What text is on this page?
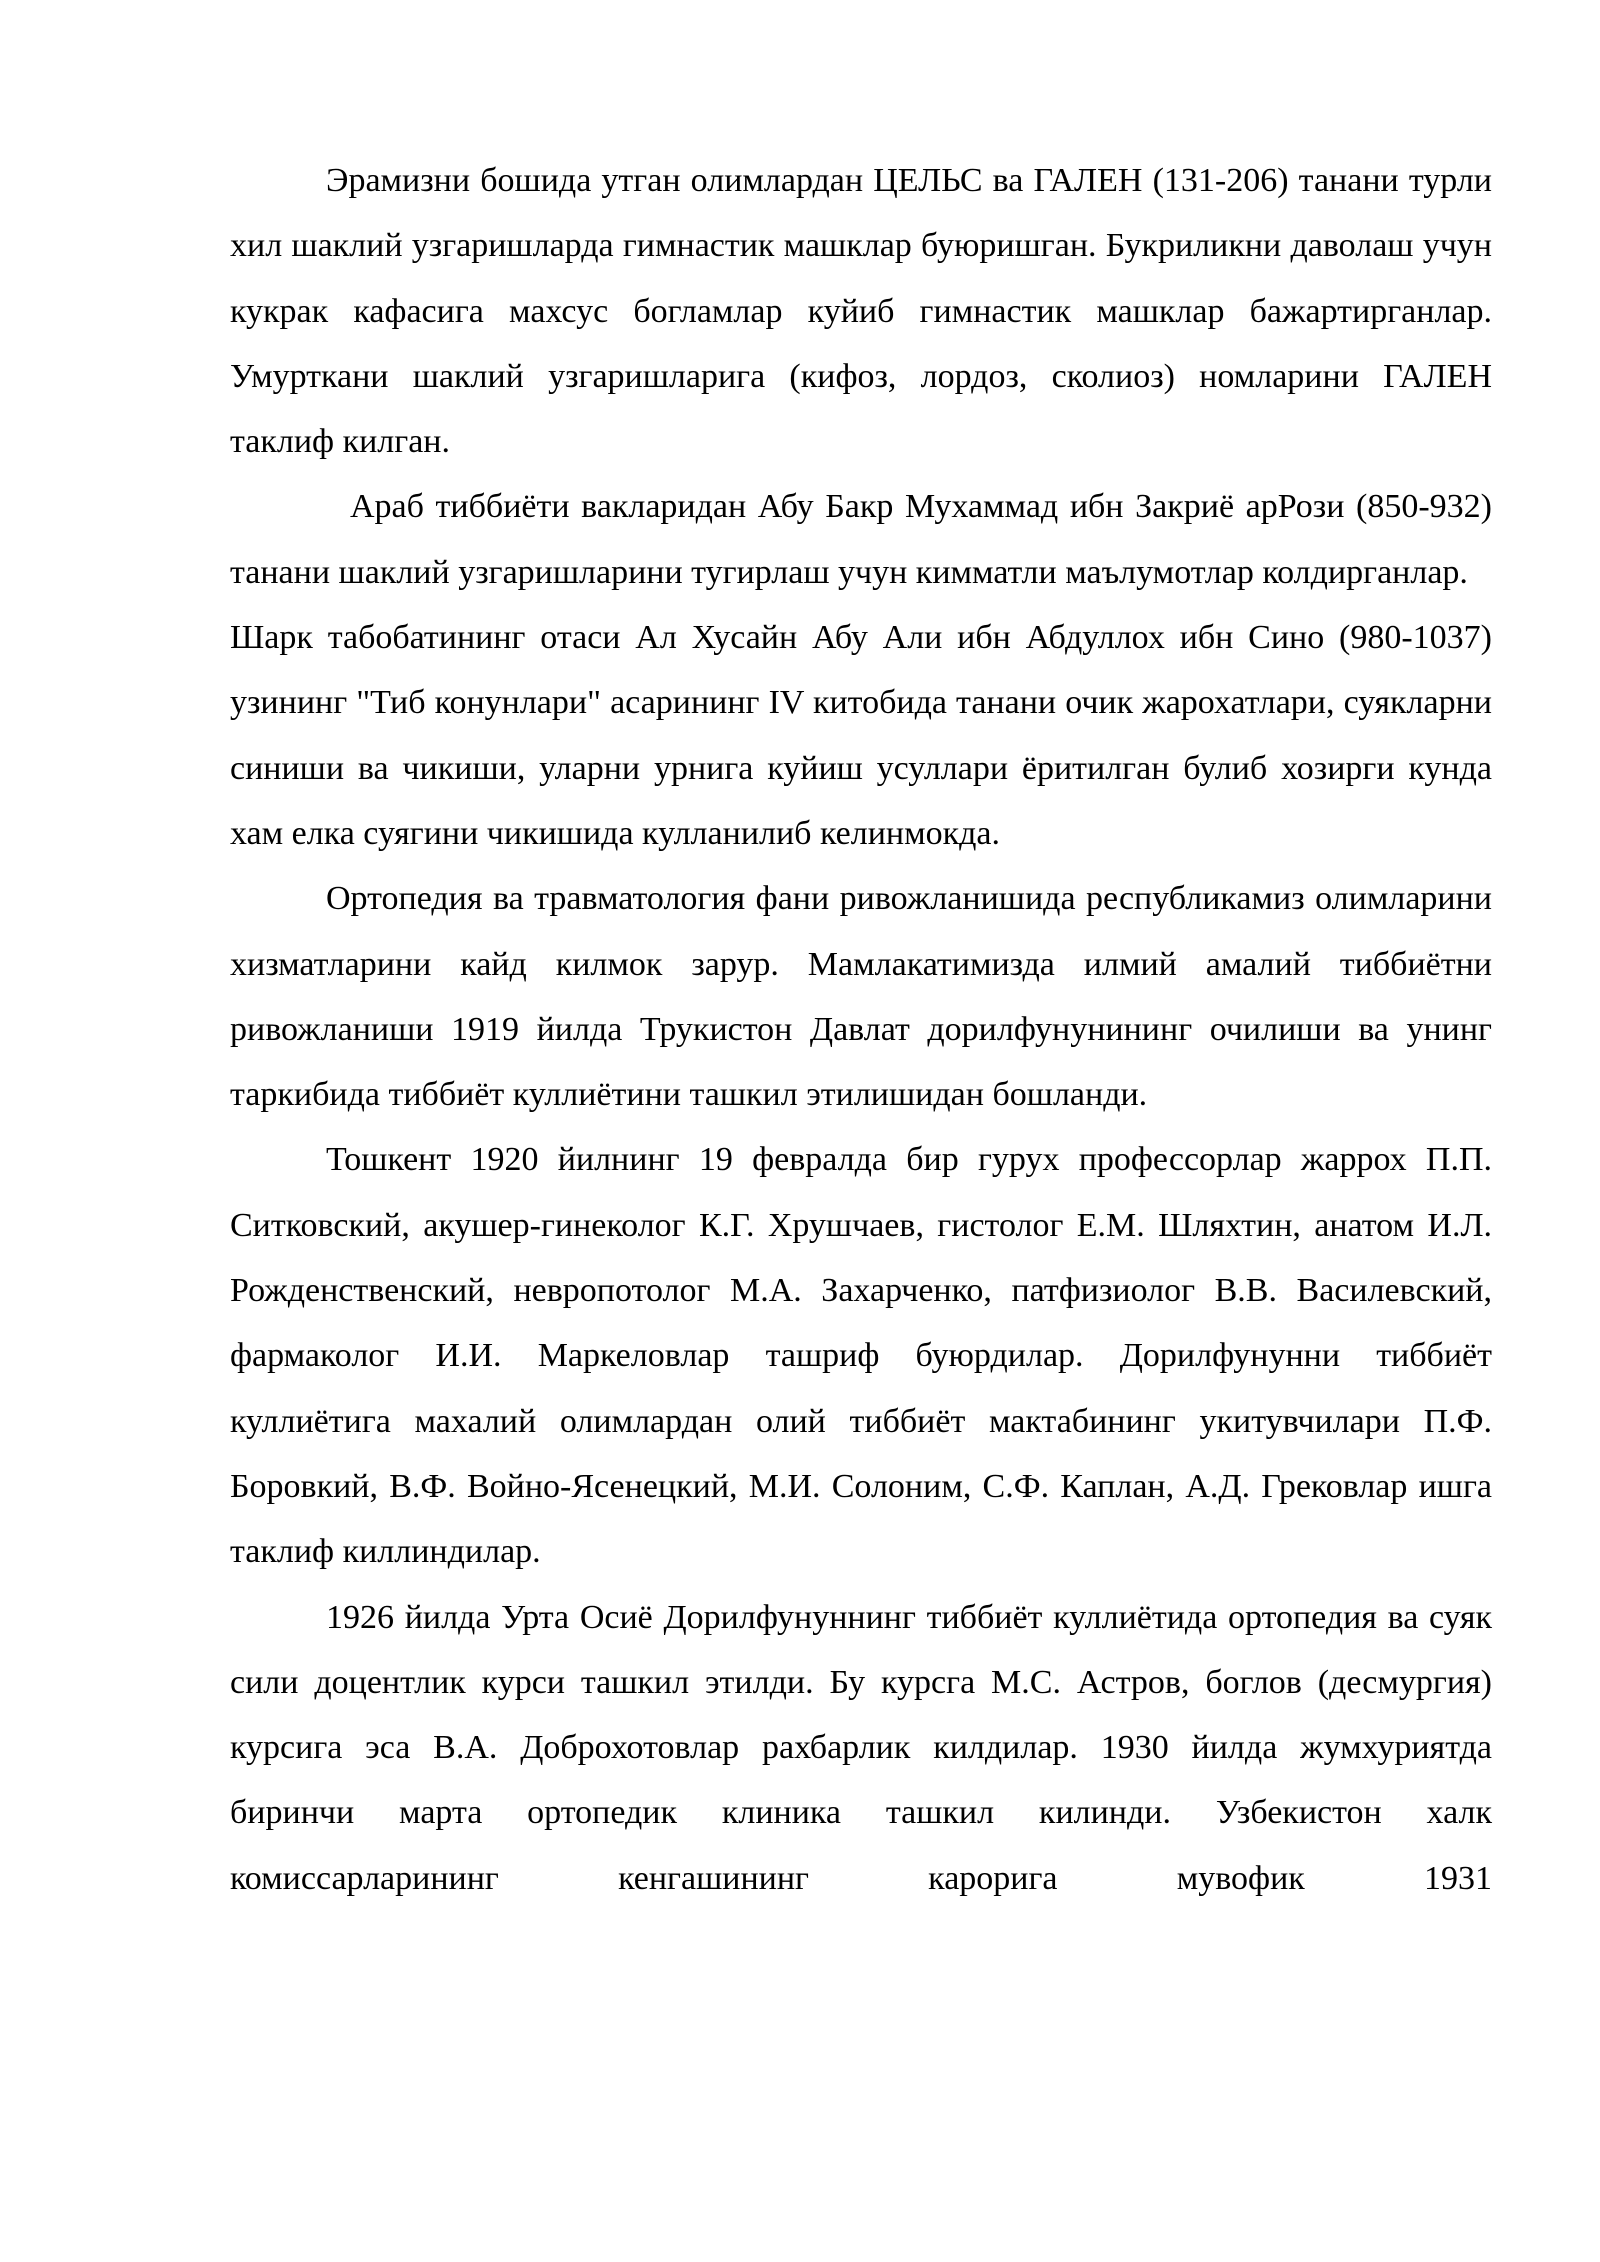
Эрамизни бошида утган олимлардан ЦЕЛЬС ва ГАЛЕН (131-206) танани турли хил шаклий узгаришларда гимнастик машклар буюришган. Букриликни даволаш учун кукрак кафасига махсус богламлар куйиб гимнастик машклар бажартирганлар. Умурткани шаклий узгаришларига (кифоз, лордоз, сколиоз) номларини ГАЛЕН таклиф килган.

Араб тиббиёти вакларидан Абу Бакр Мухаммад ибн Закриё арРози (850-932) танани шаклий узгаришларини тугирлаш учун кимматли маълумотлар колдирганлар.

Шарк табобатининг отаси Ал Хусайн Абу Али ибн Абдуллох ибн Сино (980-1037) узининг "Тиб конунлари" асарининг IV китобида танани очик жарохатлари, суякларни синиши ва чикиши, уларни урнига куйиш усуллари ёритилган булиб хозирги кунда хам елка суягини чикишида кулланилиб келинмокда.

Ортопедия ва травматология фани ривожланишида республикамиз олимларини хизматларини кайд килмок зарур. Мамлакатимизда илмий амалий тиббиётни ривожланиши 1919 йилда Трукистон Давлат дорилфунунининг очилиши ва унинг таркибида тиббиёт куллиётини ташкил этилишидан бошланди.

Тошкент 1920 йилнинг 19 февралда бир гурух профессорлар жаррох П.П. Ситковский, акушер-гинеколог К.Г. Хрушчаев, гистолог Е.М. Шляхтин, анатом И.Л. Рожденственский, невропотолог М.А. Захарченко, патфизиолог В.В. Василевский, фармаколог И.И. Маркеловлар ташриф буюрдилар. Дорилфунунни тиббиёт куллиётига махалий олимлардан олий тиббиёт мактабининг укитувчилари П.Ф. Боровкий, В.Ф. Войно-Ясенецкий, М.И. Солоним, С.Ф. Каплан, А.Д. Грековлар ишга таклиф киллиндилар.

1926 йилда Урта Осиё Дорилфунуннинг тиббиёт куллиётида ортопедия ва суяк сили доцентлик курси ташкил этилди. Бу курсга М.С. Астров, боглов (десмургия) курсига эса В.А. Доброхотовлар рахбарлик килдилар. 1930 йилда жумхуриятда биринчи марта ортопедик клиника ташкил килинди. Узбекистон халк комиссарларининг кенгашининг карорига мувофик 1931
